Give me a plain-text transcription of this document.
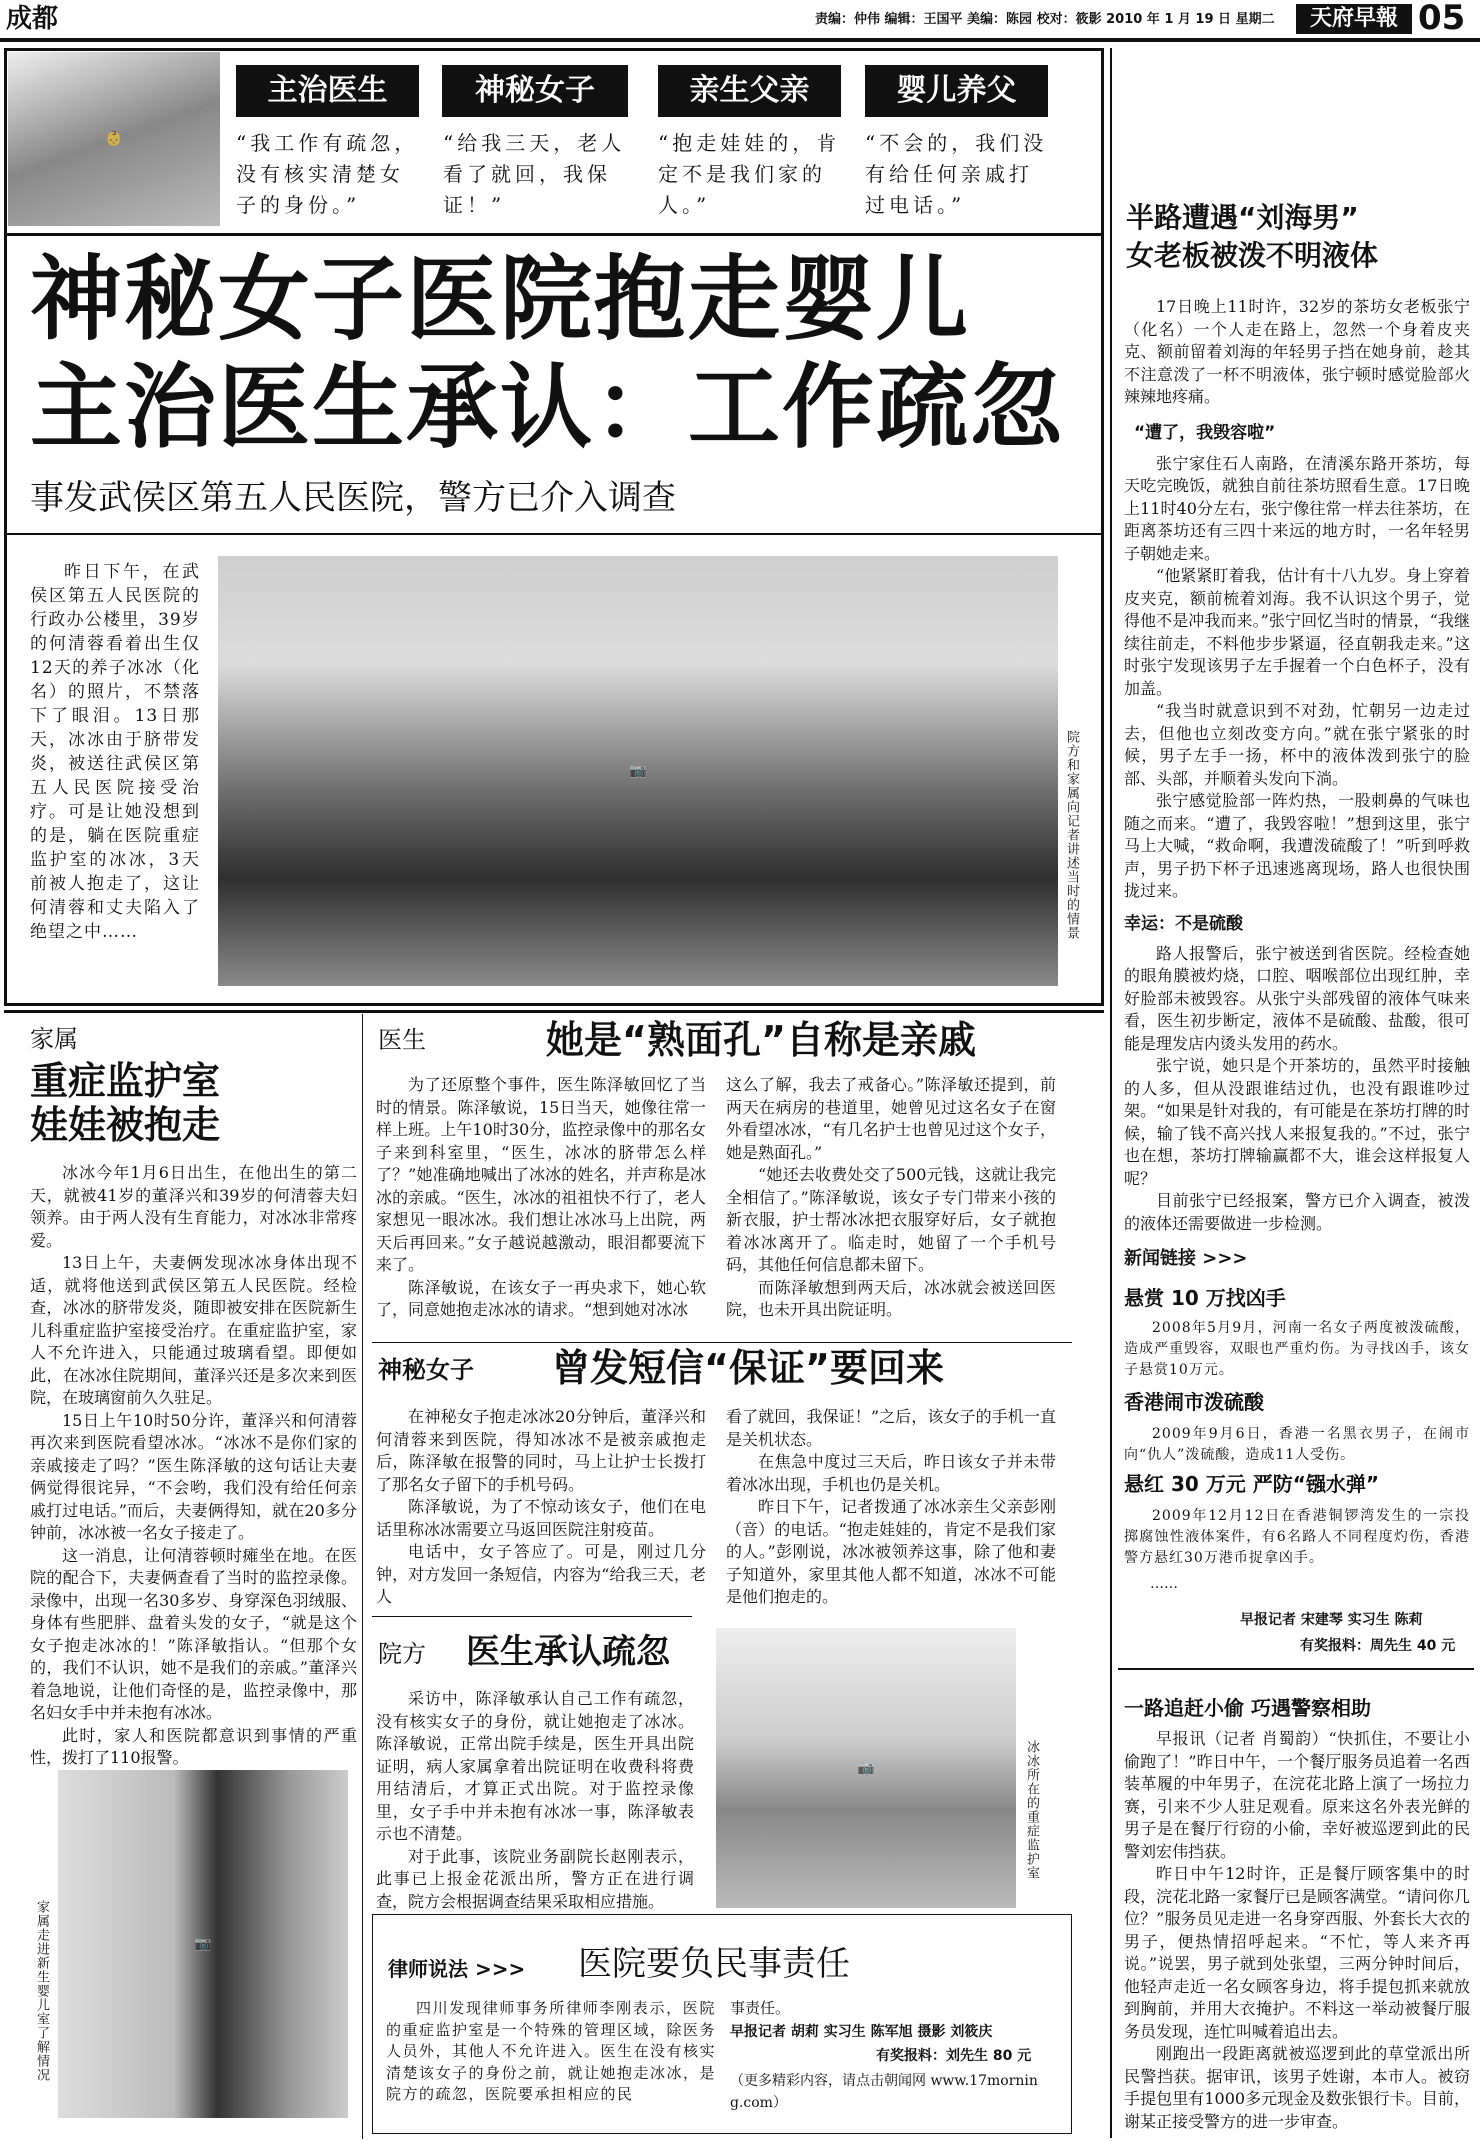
成都	责编：仲伟 编辑：王国平 美编：陈园 校对：筱影 2010 年 1 月 19 日 星期二	天府早報 05
👶
主治医生	神秘女子	亲生父亲	婴儿养父
“我工作有疏忽，没有核实清楚女子的身份。”
“给我三天，老人看了就回，我保证！”
“抱走娃娃的，肯定不是我们家的人。”
“不会的，我们没有给任何亲戚打过电话。”
神秘女子医院抱走婴儿
主治医生承认：工作疏忽
事发武侯区第五人民医院，警方已介入调查
昨日下午，在武侯区第五人民医院的行政办公楼里，39岁的何清蓉看着出生仅12天的养子冰冰（化名）的照片，不禁落下了眼泪。13日那天，冰冰由于脐带发炎，被送往武侯区第五人民医院接受治疗。可是让她没想到的是，躺在医院重症监护室的冰冰，3天前被人抱走了，这让何清蓉和丈夫陷入了绝望之中……
📷	院方和家属向记者讲述当时的情景
家属
重症监护室
娃娃被抱走

冰冰今年1月6日出生，在他出生的第二天，就被41岁的董泽兴和39岁的何清蓉夫妇领养。由于两人没有生育能力，对冰冰非常疼爱。

13日上午，夫妻俩发现冰冰身体出现不适，就将他送到武侯区第五人民医院。经检查，冰冰的脐带发炎，随即被安排在医院新生儿科重症监护室接受治疗。在重症监护室，家人不允许进入，只能通过玻璃看望。即便如此，在冰冰住院期间，董泽兴还是多次来到医院，在玻璃窗前久久驻足。

15日上午10时50分许，董泽兴和何清蓉再次来到医院看望冰冰。“冰冰不是你们家的亲戚接走了吗？”医生陈泽敏的这句话让夫妻俩觉得很诧异，“不会哟，我们没有给任何亲戚打过电话。”而后，夫妻俩得知，就在20多分钟前，冰冰被一名女子接走了。

这一消息，让何清蓉顿时瘫坐在地。在医院的配合下，夫妻俩查看了当时的监控录像。录像中，出现一名30多岁、身穿深色羽绒服、身体有些肥胖、盘着头发的女子，“就是这个女子抱走冰冰的！”陈泽敏指认。“但那个女的，我们不认识，她不是我们的亲戚。”董泽兴着急地说，让他们奇怪的是，监控录像中，那名妇女手中并未抱有冰冰。

此时，家人和医院都意识到事情的严重性，拨打了110报警。

📷
家属走进新生婴儿室了解情况
医生	她是“熟面孔”自称是亲戚

为了还原整个事件，医生陈泽敏回忆了当时的情景。陈泽敏说，15日当天，她像往常一样上班。上午10时30分，监控录像中的那名女子来到科室里，“医生，冰冰的脐带怎么样了？”她准确地喊出了冰冰的姓名，并声称是冰冰的亲戚。“医生，冰冰的祖祖快不行了，老人家想见一眼冰冰。我们想让冰冰马上出院，两天后再回来。”女子越说越激动，眼泪都要流下来了。

陈泽敏说，在该女子一再央求下，她心软了，同意她抱走冰冰的请求。“想到她对冰冰

这么了解，我去了戒备心。”陈泽敏还提到，前两天在病房的巷道里，她曾见过这名女子在窗外看望冰冰，“有几名护士也曾见过这个女子，她是熟面孔。”

“她还去收费处交了500元钱，这就让我完全相信了。”陈泽敏说，该女子专门带来小孩的新衣服，护士帮冰冰把衣服穿好后，女子就抱着冰冰离开了。临走时，她留了一个手机号码，其他任何信息都未留下。

而陈泽敏想到两天后，冰冰就会被送回医院，也未开具出院证明。

神秘女子 曾发短信“保证”要回来

在神秘女子抱走冰冰20分钟后，董泽兴和何清蓉来到医院，得知冰冰不是被亲戚抱走后，陈泽敏在报警的同时，马上让护士长拨打了那名女子留下的手机号码。

陈泽敏说，为了不惊动该女子，他们在电话里称冰冰需要立马返回医院注射疫苗。

电话中，女子答应了。可是，刚过几分钟，对方发回一条短信，内容为“给我三天，老人

看了就回，我保证！”之后，该女子的手机一直是关机状态。

在焦急中度过三天后，昨日该女子并未带着冰冰出现，手机也仍是关机。

昨日下午，记者拨通了冰冰亲生父亲彭刚（音）的电话。“抱走娃娃的，肯定不是我们家的人。”彭刚说，冰冰被领养这事，除了他和妻子知道外，家里其他人都不知道，冰冰不可能是他们抱走的。

院方 医生承认疏忽

采访中，陈泽敏承认自己工作有疏忽，没有核实女子的身份，就让她抱走了冰冰。陈泽敏说，正常出院手续是，医生开具出院证明，病人家属拿着出院证明在收费科将费用结清后，才算正式出院。对于监控录像里，女子手中并未抱有冰冰一事，陈泽敏表示也不清楚。

对于此事，该院业务副院长赵刚表示，此事已上报金花派出所，警方正在进行调查，院方会根据调查结果采取相应措施。

📷	冰冰所在的重症监护室
律师说法 >>> 医院要负民事责任
四川发现律师事务所律师李刚表示，医院的重症监护室是一个特殊的管理区域，除医务人员外，其他人不允许进入。医生在没有核实清楚该女子的身份之前，就让她抱走冰冰，是院方的疏忽，医院要承担相应的民
事责任。
早报记者 胡莉 实习生 陈军旭 摄影 刘筱庆
有奖报料：刘先生 80 元
（更多精彩内容，请点击朝闻网 www.17morning.com）
半路遭遇“刘海男”
女老板被泼不明液体

17日晚上11时许，32岁的茶坊女老板张宁（化名）一个人走在路上，忽然一个身着皮夹克、额前留着刘海的年轻男子挡在她身前，趁其不注意泼了一杯不明液体，张宁顿时感觉脸部火辣辣地疼痛。

“遭了，我毁容啦”

张宁家住石人南路，在清溪东路开茶坊，每天吃完晚饭，就独自前往茶坊照看生意。17日晚上11时40分左右，张宁像往常一样去往茶坊，在距离茶坊还有三四十来远的地方时，一名年轻男子朝她走来。

“他紧紧盯着我，估计有十八九岁。身上穿着皮夹克，额前梳着刘海。我不认识这个男子，觉得他不是冲我而来。”张宁回忆当时的情景，“我继续往前走，不料他步步紧逼，径直朝我走来。”这时张宁发现该男子左手握着一个白色杯子，没有加盖。

“我当时就意识到不对劲，忙朝另一边走过去，但他也立刻改变方向。”就在张宁紧张的时候，男子左手一扬，杯中的液体泼到张宁的脸部、头部，并顺着头发向下淌。

张宁感觉脸部一阵灼热，一股刺鼻的气味也随之而来。“遭了，我毁容啦！”想到这里，张宁马上大喊，“救命啊，我遭泼硫酸了！”听到呼救声，男子扔下杯子迅速逃离现场，路人也很快围拢过来。

幸运：不是硫酸

路人报警后，张宁被送到省医院。经检查她的眼角膜被灼烧，口腔、咽喉部位出现红肿，幸好脸部未被毁容。从张宁头部残留的液体气味来看，医生初步断定，液体不是硫酸、盐酸，很可能是理发店内烫头发用的药水。

张宁说，她只是个开茶坊的，虽然平时接触的人多，但从没跟谁结过仇，也没有跟谁吵过架。“如果是针对我的，有可能是在茶坊打牌的时候，输了钱不高兴找人来报复我的。”不过，张宁也在想，茶坊打牌输赢都不大，谁会这样报复人呢？

目前张宁已经报案，警方已介入调查，被泼的液体还需要做进一步检测。

新闻链接 >>>
悬赏 10 万找凶手
2008年5月9月，河南一名女子两度被泼硫酸，造成严重毁容，双眼也严重灼伤。为寻找凶手，该女子悬赏10万元。
香港闹市泼硫酸
2009年9月6日，香港一名黑衣男子，在闹市向“仇人”泼硫酸，造成11人受伤。
悬红 30 万元 严防“镪水弹”
2009年12月12日在香港铜锣湾发生的一宗投掷腐蚀性液体案件，有6名路人不同程度灼伤，香港警方悬红30万港币捉拿凶手。
……
早报记者 宋建琴 实习生 陈莉
有奖报料：周先生 40 元
一路追赶小偷 巧遇警察相助

早报讯（记者 肖蜀韵）“快抓住，不要让小偷跑了！”昨日中午，一个餐厅服务员追着一名西装革履的中年男子，在浣花北路上演了一场拉力赛，引来不少人驻足观看。原来这名外表光鲜的男子是在餐厅行窃的小偷，幸好被巡逻到此的民警刘宏伟挡获。

昨日中午12时许，正是餐厅顾客集中的时段，浣花北路一家餐厅已是顾客满堂。“请问你几位？”服务员见走进一名身穿西服、外套长大衣的男子，便热情招呼起来。“不忙，等人来齐再说。”说罢，男子就到处张望，三两分钟时间后，他轻声走近一名女顾客身边，将手提包抓来就放到胸前，并用大衣掩护。不料这一举动被餐厅服务员发现，连忙叫喊着追出去。

刚跑出一段距离就被巡逻到此的草堂派出所民警挡获。据审讯，该男子姓谢，本市人。被窃手提包里有1000多元现金及数张银行卡。目前，谢某正接受警方的进一步审查。
